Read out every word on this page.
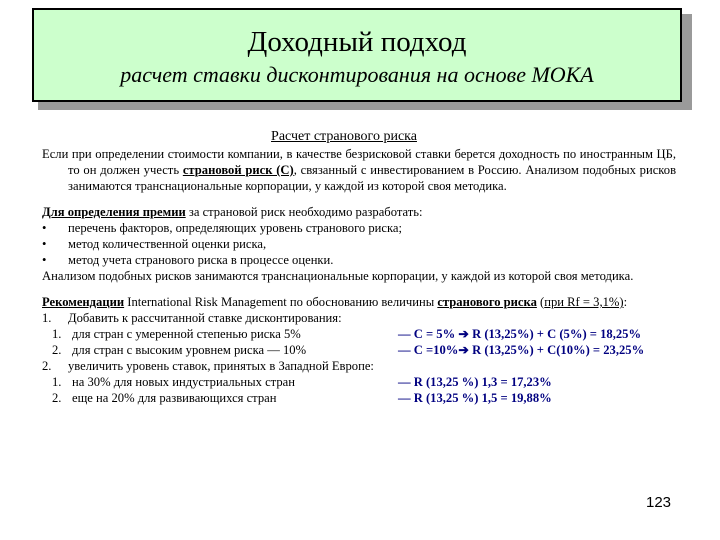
Доходный подход
расчет ставки дисконтирования на основе МОКА
Расчет странового риска
Если при определении стоимости компании, в качестве безрисковой ставки берется доходность по иностранным ЦБ, то он должен учесть страновой риск (С), связанный с инвестированием в Россию. Анализом подобных рисков занимаются транснациональные корпорации, у каждой из которой своя методика.
Для определения премии за страновой риск необходимо разработать:
• перечень факторов, определяющих уровень странового риска;
• метод количественной оценки риска,
• метод учета странового риска в процессе оценки.
Анализом подобных рисков занимаются транснациональные корпорации, у каждой из которой своя методика.
Рекомендации International Risk Management по обоснованию величины странового риска (при Rf = 3,1%):
1. Добавить к рассчитанной ставке дисконтирования:
1. для стран с умеренной степенью риска 5%	— С = 5% ➔ R (13,25%) + С (5%) = 18,25%
2. для стран с высоким уровнем риска — 10%	— С =10%➔ R (13,25%) + С(10%) = 23,25%
2. увеличить уровень ставок, принятых в Западной Европе:
1. на 30% для новых индустриальных стран	— R (13,25 %) 1,3 = 17,23%
2. еще на 20% для развивающихся стран	— R (13,25 %) 1,5 = 19,88%
123
